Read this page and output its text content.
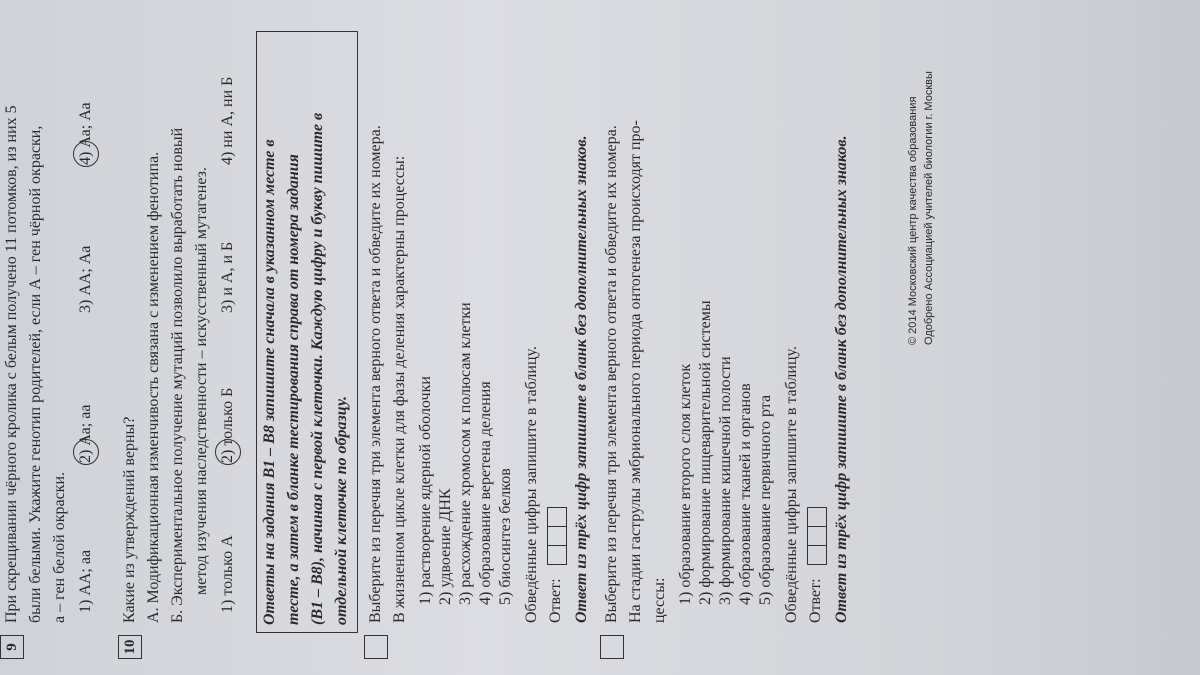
9
При скрещивании чёрного кролика с белым получено 11 потомков, из них 5 были белыми. Укажите генотип родителей, если А – ген чёрной окраски, а – ген белой окраски. 1) АА; аа
2) Аа; аа
3) АА; Аа
4) Аа; Аа
10
Какие из утверждений верны? А. Модификационная изменчивость связана с изменением фенотипа. Б. Экспериментальное получение мутаций позволило выработать новый метод изучения наследственности – искусственный мутагенез. 1) только А
2) только Б
3) и А, и Б
4) ни А, ни Б
Ответы на задания В1 – В8 запишите сначала в указанном месте в тесте, а затем в бланке тестирования справа от номера задания (В1 – В8), начиная с первой клеточки. Каждую цифру и букву пишите в отдельной клеточке по образцу. Выберите из перечня три элемента верного ответа и обведите их номера. В жизненном цикле клетки для фазы деления характерны процессы: 1) растворение ядерной оболочки 2) удвоение ДНК 3) расхождение хромосом к полюсам клетки 4) образование веретена деления 5) биосинтез белков Обведённые цифры запишите в таблицу. Ответ: Ответ из трёх цифр запишите в бланк без дополнительных знаков. Выберите из перечня три элемента верного ответа и обведите их номера. На стадии гаструлы эмбрионального периода онтогенеза происходят про- цессы: 1) образование второго слоя клеток 2) формирование пищеварительной системы 3) формирование кишечной полости 4) образование тканей и органов 5) образование первичного рта Обведённые цифры запишите в таблицу. Ответ: Ответ из трёх цифр запишите в бланк без дополнительных знаков.	© 2014 Московский центр качества образования Одобрено Ассоциацией учителей биологии г. Москвы
